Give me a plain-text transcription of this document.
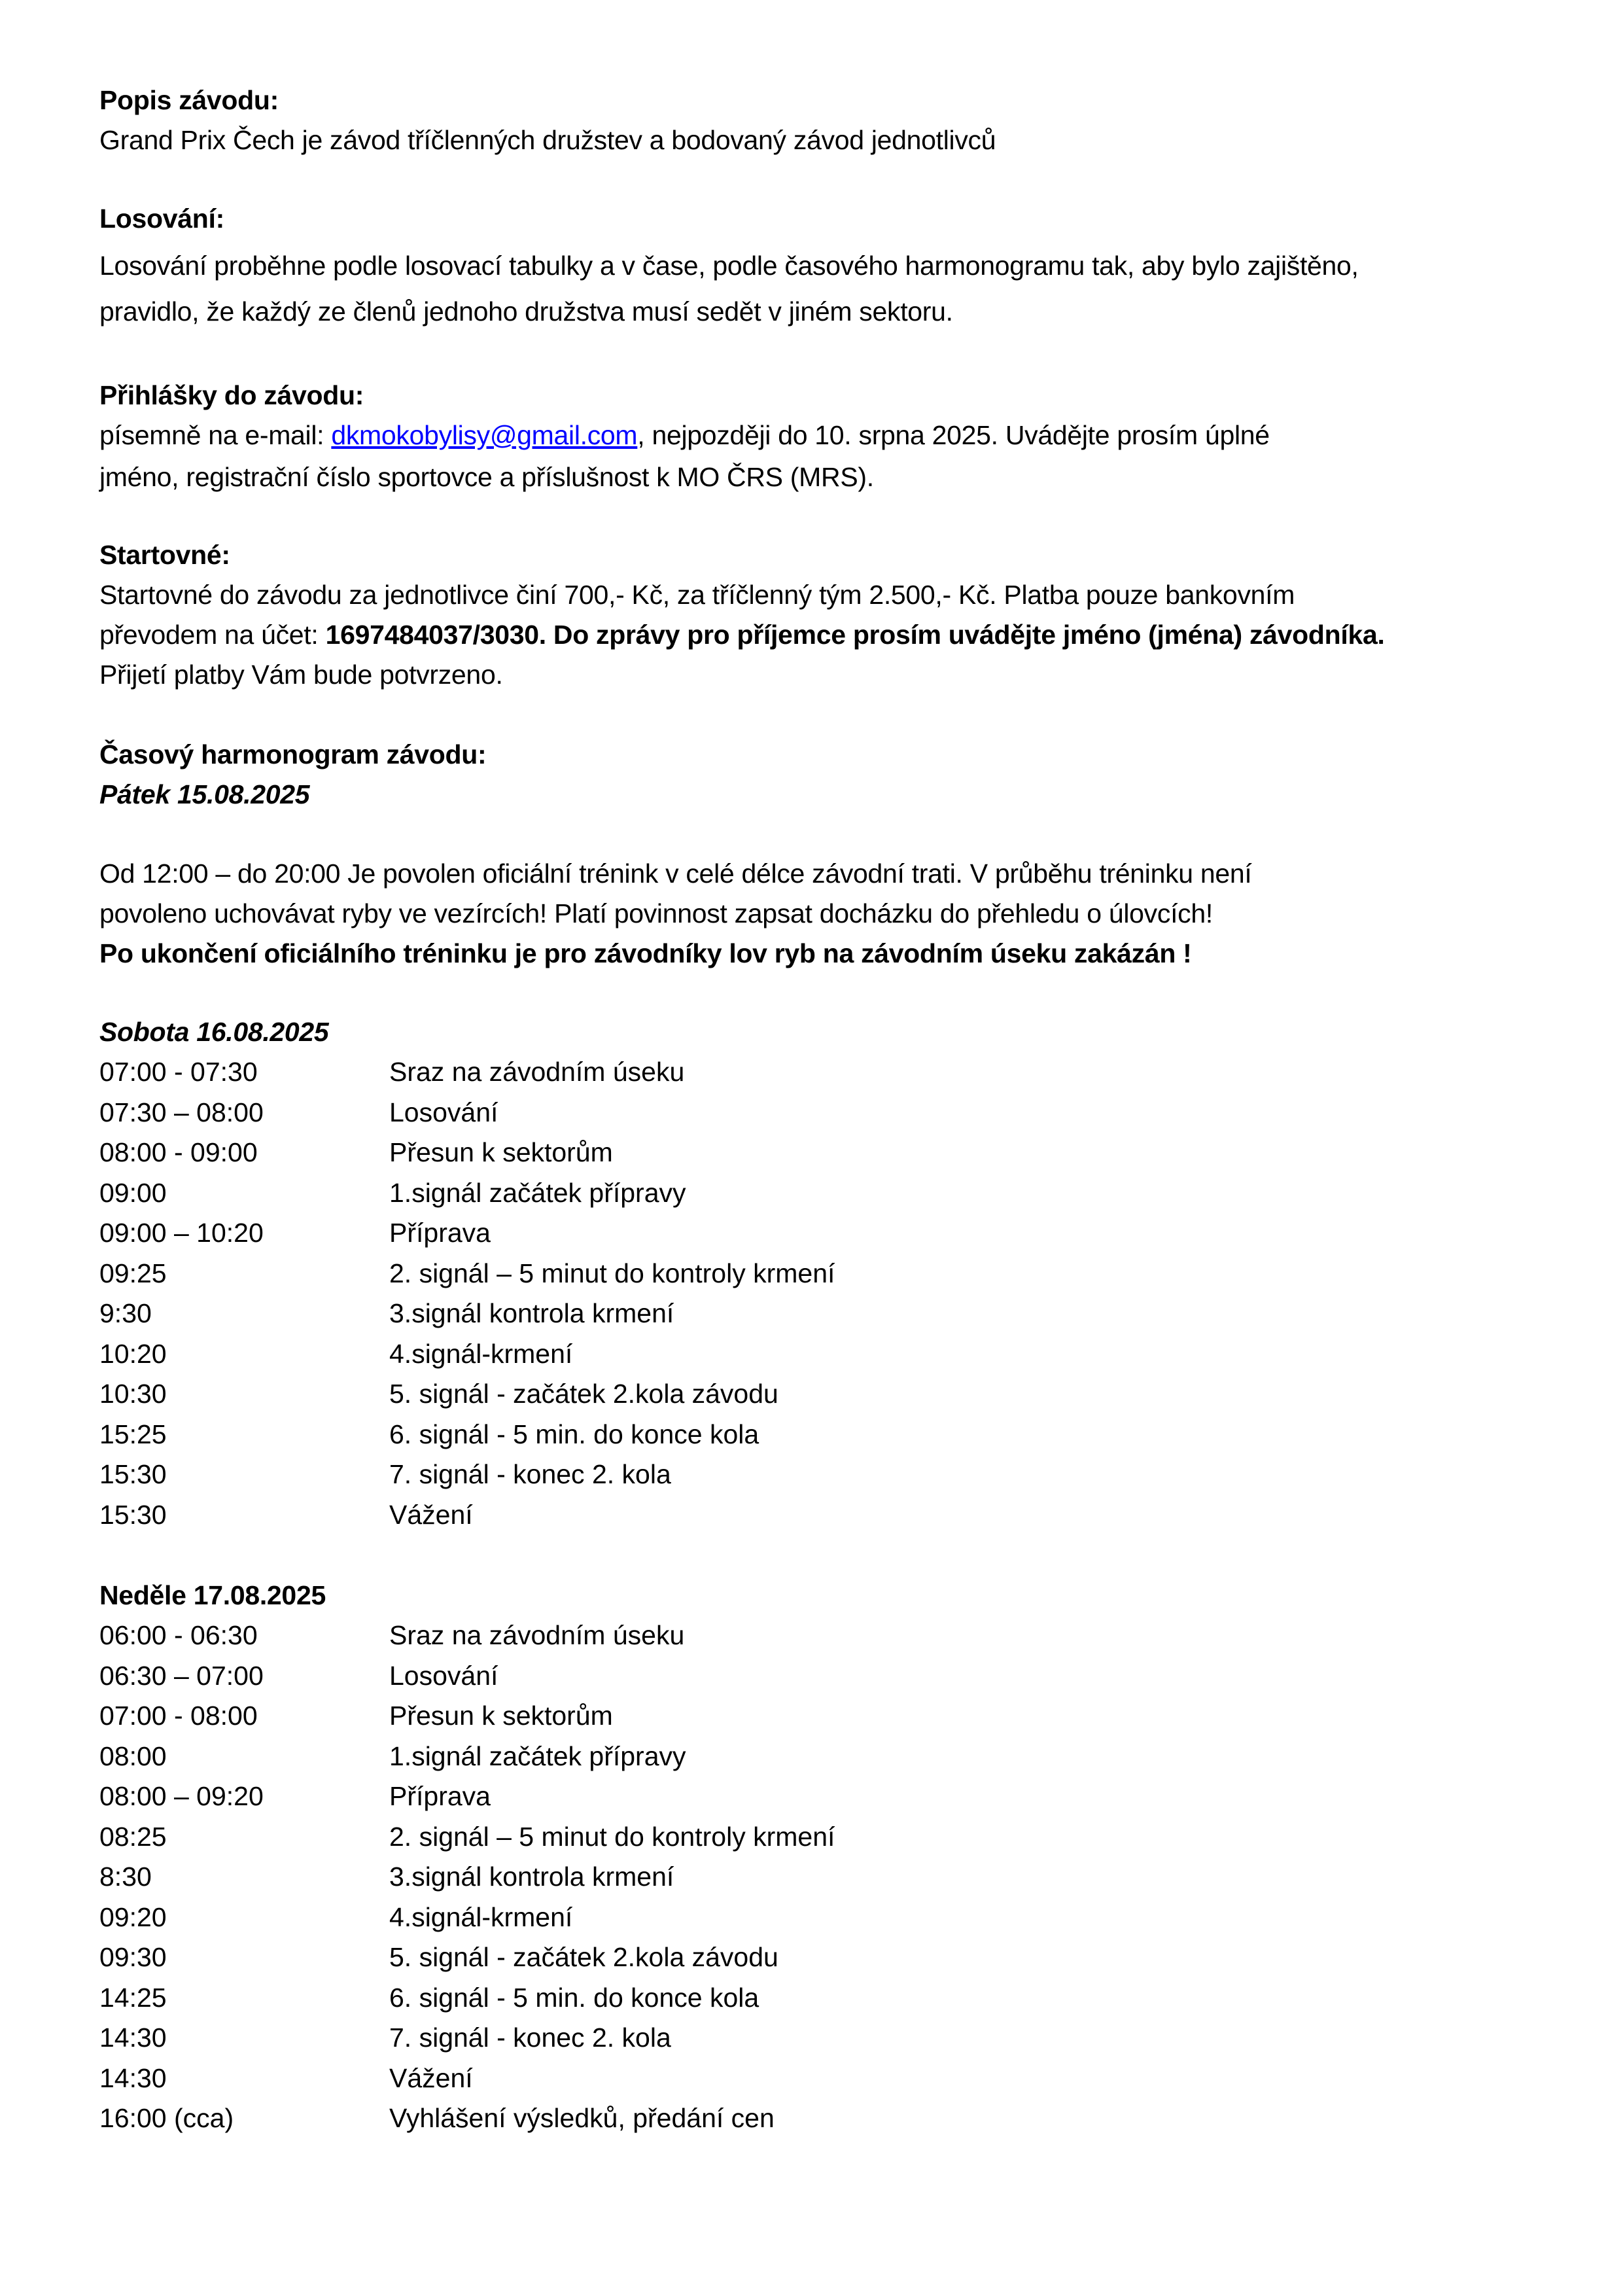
Popis závodu:
Grand Prix Čech je závod tříčlenných družstev a bodovaný závod jednotlivců
Losování:
Losování proběhne podle losovací tabulky a v čase, podle časového harmonogramu tak, aby bylo zajištěno,
pravidlo, že každý ze členů jednoho družstva musí sedět v jiném sektoru.
Přihlášky do závodu:
písemně na e-mail: dkmokobylisy@gmail.com, nejpozději do 10. srpna 2025. Uvádějte prosím úplné
jméno, registrační číslo sportovce a příslušnost k MO ČRS (MRS).
Startovné:
Startovné do závodu za jednotlivce činí 700,- Kč, za tříčlenný tým 2.500,- Kč. Platba pouze bankovním
převodem na účet: 1697484037/3030. Do zprávy pro příjemce prosím uvádějte jméno (jména) závodníka.
Přijetí platby Vám bude potvrzeno.
Časový harmonogram závodu:
Pátek 15.08.2025
Od 12:00 – do 20:00 Je povolen oficiální trénink v celé délce závodní trati. V průběhu tréninku není
povoleno uchovávat ryby ve vezírcích! Platí povinnost zapsat docházku do přehledu o úlovcích!
Po ukončení oficiálního tréninku je pro závodníky lov ryb na závodním úseku zakázán !
Sobota 16.08.2025
07:00 - 07:30	Sraz na závodním úseku
07:30 – 08:00	Losování
08:00 - 09:00	Přesun k sektorům
09:00	1.signál začátek přípravy
09:00 – 10:20	Příprava
09:25	2. signál – 5 minut do kontroly krmení
9:30	3.signál kontrola krmení
10:20	4.signál-krmení
10:30	5. signál - začátek 2.kola závodu
15:25	6. signál - 5 min. do konce kola
15:30	7. signál - konec 2. kola
15:30	Vážení
Neděle 17.08.2025
06:00 - 06:30	Sraz na závodním úseku
06:30 – 07:00	Losování
07:00 - 08:00	Přesun k sektorům
08:00	1.signál začátek přípravy
08:00 – 09:20	Příprava
08:25	2. signál – 5 minut do kontroly krmení
8:30	3.signál kontrola krmení
09:20	4.signál-krmení
09:30	5. signál - začátek 2.kola závodu
14:25	6. signál - 5 min. do konce kola
14:30	7. signál - konec 2. kola
14:30	Vážení
16:00 (cca)	Vyhlášení výsledků, předání cen
